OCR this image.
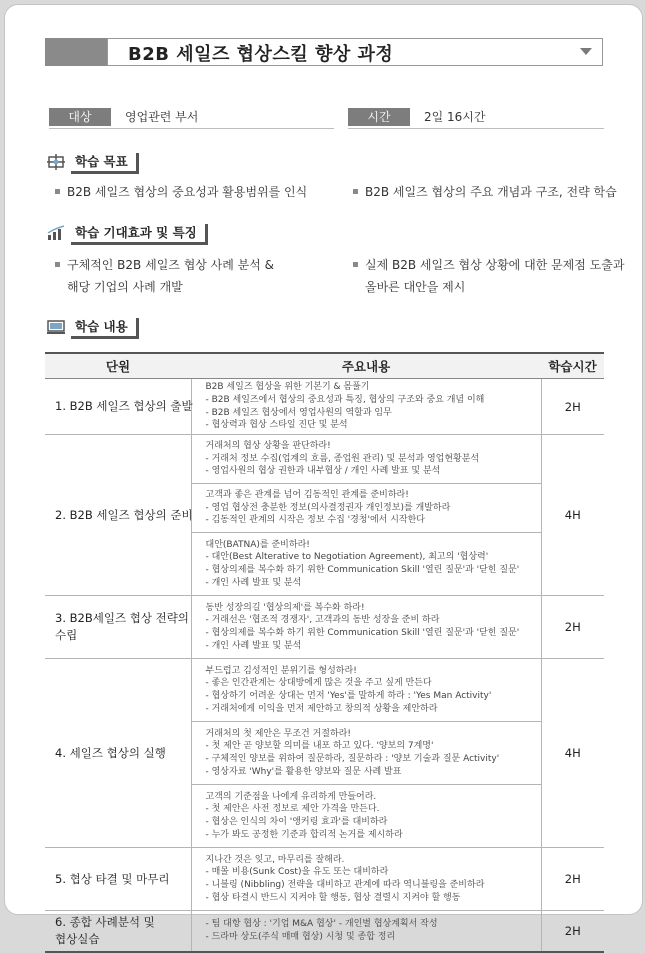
B2B 세일즈 협상스킬 향상 과정
대상	영업관련 부서	시간	2일 16시간
학습 목표
B2B 세일즈 협상의 중요성과 활용범위를 인식	B2B 세일즈 협상의 주요 개념과 구조, 전략 학습
학습 기대효과 및 특징
구체적인 B2B 세일즈 협상 사례 분석 &
해당 기업의 사례 개발
실제 B2B 세일즈 협상 상황에 대한 문제점 도출과
올바른 대안을 제시
학습 내용
단원	주요내용	학습시간

1. B2B 세일즈 협상의 출발	B2B 세일즈 협상을 위한 기본기 & 몸풀기
- B2B 세일즈에서 협상의 중요성과 특징, 협상의 구조와 중요 개념 이해
- B2B 세일즈 협상에서 영업사원의 역할과 임무
- 협상력과 협상 스타일 진단 및 분석	2H

2. B2B 세일즈 협상의 준비	거래처의 협상 상황을 판단하라!
- 거래처 정보 수집(업계의 흐름, 종업원 관리) 및 분석과 영업현황분석
- 영업사원의 협상 권한과 내부협상 / 개인 사례 발표 및 분석	4H

	고객과 좋은 관계를 넘어 김동적인 관계를 준비하라!
- 영업 협상전 충분한 정보(의사결정권자 개인정보)를 개발하라
- 김동적인 관계의 시작은 정보 수집 '경청'에서 시작한다	

	대안(BATNA)를 준비하라!
- 대안(Best Alterative to Negotiation Agreement), 최고의 '협상력'
- 협상의제를 복수화 하기 위한 Communication Skill '열린 질문'과 '닫힌 질문'
- 개인 사례 발표 및 분석	

3. B2B세일즈 협상 전략의
수립	동반 성장의길 '협상의제'를 복수화 하라!
- 거래선은 '협조적 경쟁자', 고객과의 동반 성장을 준비 하라
- 협상의제를 복수화 하기 위한 Communication Skill '열린 질문'과 '닫힌 질문'
- 개인 사례 발표 및 분석	2H

4. 세일즈 협상의 실행	부드럽고 김성적인 분위기를 형성하라!
- 좋은 인간관계는 상대방에게 많은 것을 주고 싶게 만든다
- 협상하기 어려운 상대는 먼저 'Yes'를 말하게 하라 : 'Yes Man Activity'
- 거래처에게 이익을 먼저 제안하고 창의적 상황을 제안하라	4H

	거래처의 첫 제안은 무조건 거절하라!
- 첫 제안 곧 양보할 의미를 내포 하고 있다. '양보의 7계명'
- 구체적인 양보를 위하여 질문하라, 질문하라 : '양보 기술과 질문 Activity'
- 영상자료 'Why'를 활용한 양보와 질문 사례 발표	

	고객의 기준점을 나에게 유리하게 만들어라.
- 첫 제안은 사전 정보로 제안 가격을 만든다.
- 협상은 인식의 차이 '앵커링 효과'를 대비하라
- 누가 봐도 공정한 기준과 합리적 논거를 제시하라	

5. 협상 타결 및 마무리	지나간 것은 잊고, 마무리를 잘해라.
- 매몰 비용(Sunk Cost)을 유도 또는 대비하라
- 니블링 (Nibbling) 전략을 대비하고 관계에 따라 역니블링을 준비하라
- 협상 타결시 반드시 지켜야 할 행동, 협상 결렬시 지켜야 할 행동	2H

6. 종합 사례분석 및
협상실습	- 팀 대항 협상 : '기업 M&A 협상' - 개인별 협상계획서 작성
- 드라마 상도(주식 매매 협상) 시청 및 종합 정리	2H
